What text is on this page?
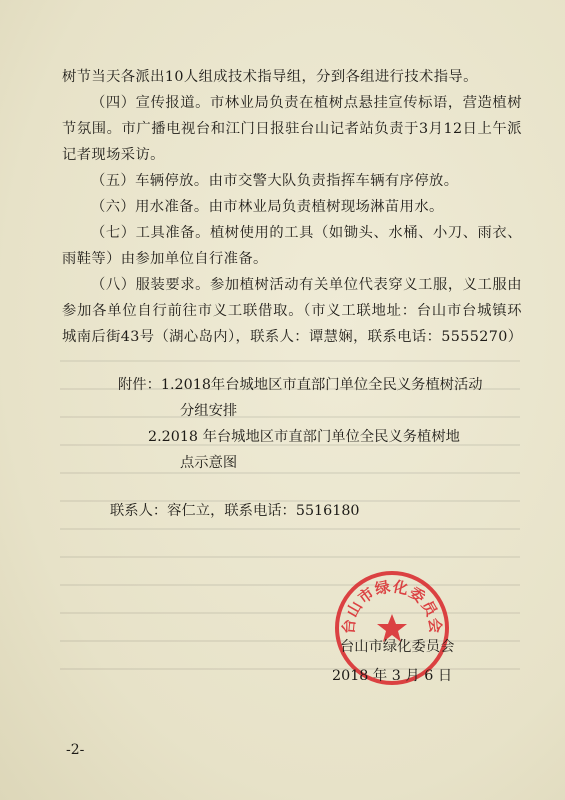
树节当天各派出10人组成技术指导组，分到各组进行技术指导。

（四）宣传报道。市林业局负责在植树点悬挂宣传标语，营造植树节氛围。市广播电视台和江门日报驻台山记者站负责于3月12日上午派记者现场采访。

（五）车辆停放。由市交警大队负责指挥车辆有序停放。

（六）用水准备。由市林业局负责植树现场淋苗用水。

（七）工具准备。植树使用的工具（如锄头、水桶、小刀、雨衣、雨鞋等）由参加单位自行准备。

（八）服装要求。参加植树活动有关单位代表穿义工服，义工服由参加各单位自行前往市义工联借取。（市义工联地址：台山市台城镇环城南后街43号（湖心岛内），联系人：谭慧娴，联系电话：5555270）

附件：1.2018年台城地区市直部门单位全民义务植树活动
分组安排
2.2018 年台城地区市直部门单位全民义务植树地
点示意图
联系人：容仁立，联系电话：5516180
台山市绿化委员会
台山市绿化委员会
2018 年 3 月 6 日
-2-
